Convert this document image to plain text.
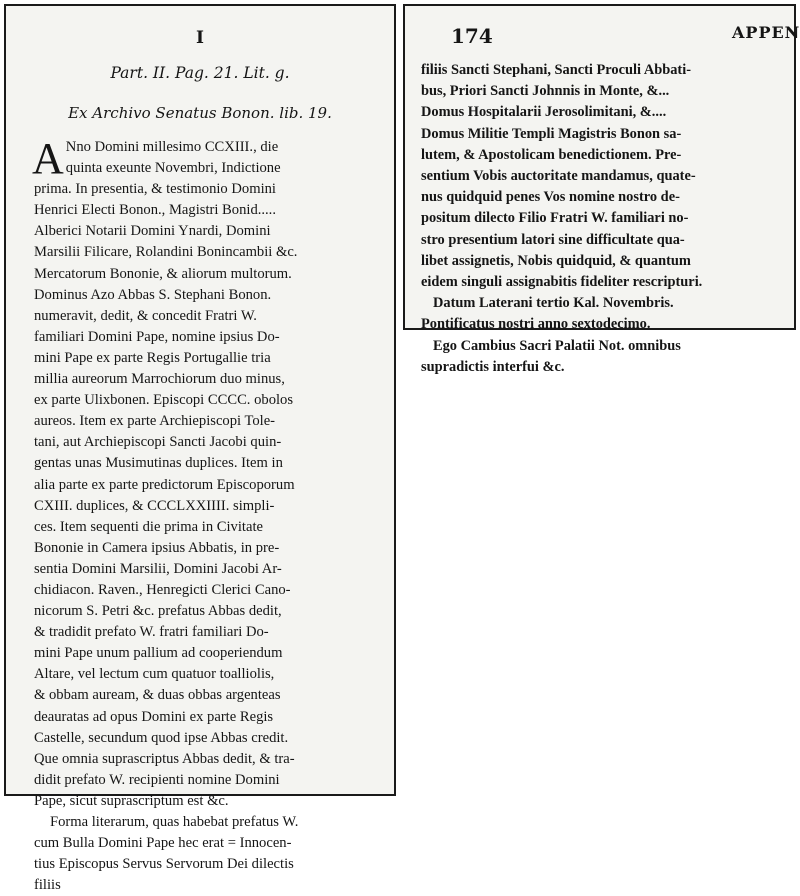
I
Part. II. Pag. 21. Lit. g.
Ex Archivo Senatus Bonon. lib. 19.
A Nno Domini millesimo CCXIII., die
quinta exeunte Novembri, Indictione
prima. In presentia, & testimonio Domini
Henrici Electi Bonon., Magistri Bonid.....
Alberici Notarii Domini Ynardi, Domini
Marsilii Filicare, Rolandini Bonincambii &c.
Mercatorum Bononie, & aliorum multorum.
Dominus Azo Abbas S. Stephani Bonon.
numeravit, dedit, & concedit Fratri W.
familiari Domini Pape, nomine ipsius Do-
mini Pape ex parte Regis Portugallie tria
millia aureorum Marrochiorum duo minus,
ex parte Ulixbonen. Episcopi CCCC. obolos
aureos. Item ex parte Archiepiscopi Tole-
tani, aut Archiepiscopi Sancti Jacobi quin-
gentas unas Musimutinas duplices. Item in
alia parte ex parte predictorum Episcoporum
CXIII. duplices, & CCCLXXIIII. simpli-
ces. Item sequenti die prima in Civitate
Bononie in Camera ipsius Abbatis, in pre-
sentia Domini Marsilii, Domini Jacobi Ar-
chidiacon. Raven., Henregicti Clerici Cano-
nicorum S. Petri &c. prefatus Abbas dedit,
& tradidit prefato W. fratri familiari Do-
mini Pape unum pallium ad cooperiendum
Altare, vel lectum cum quatuor toalliolis,
& obbam auream, & duas obbas argenteas
deauratas ad opus Domini ex parte Regis
Castelle, secundum quod ipse Abbas credit.
Que omnia suprascriptus Abbas dedit, & tra-
didit prefato W. recipienti nomine Domini
Pape, sicut suprascriptum est &c.
Forma literarum, quas habebat prefatus W.
cum Bulla Domini Pape hec erat = Innocen-
tius Episcopus Servus Servorum Dei dilectis
filiis
174	APPEN
filiis Sancti Stephani, Sancti Proculi Abbati-
bus, Priori Sancti Johnnis in Monte, &...
Domus Hospitalarii Jerosolimitani, &....
Domus Militie Templi Magistris Bonon sa-
lutem, & Apostolicam benedictionem. Pre-
sentium Vobis auctoritate mandamus, quate-
nus quidquid penes Vos nomine nostro de-
positum dilecto Filio Fratri W. familiari no-
stro presentium latori sine difficultate qua-
libet assignetis, Nobis quidquid, & quantum
eidem singuli assignabitis fideliter rescripturi.
Datum Laterani tertio Kal. Novembris.
Pontificatus nostri anno sextodecimo.
Ego Cambius Sacri Palatii Not. omnibus
supradictis interfui &c.
